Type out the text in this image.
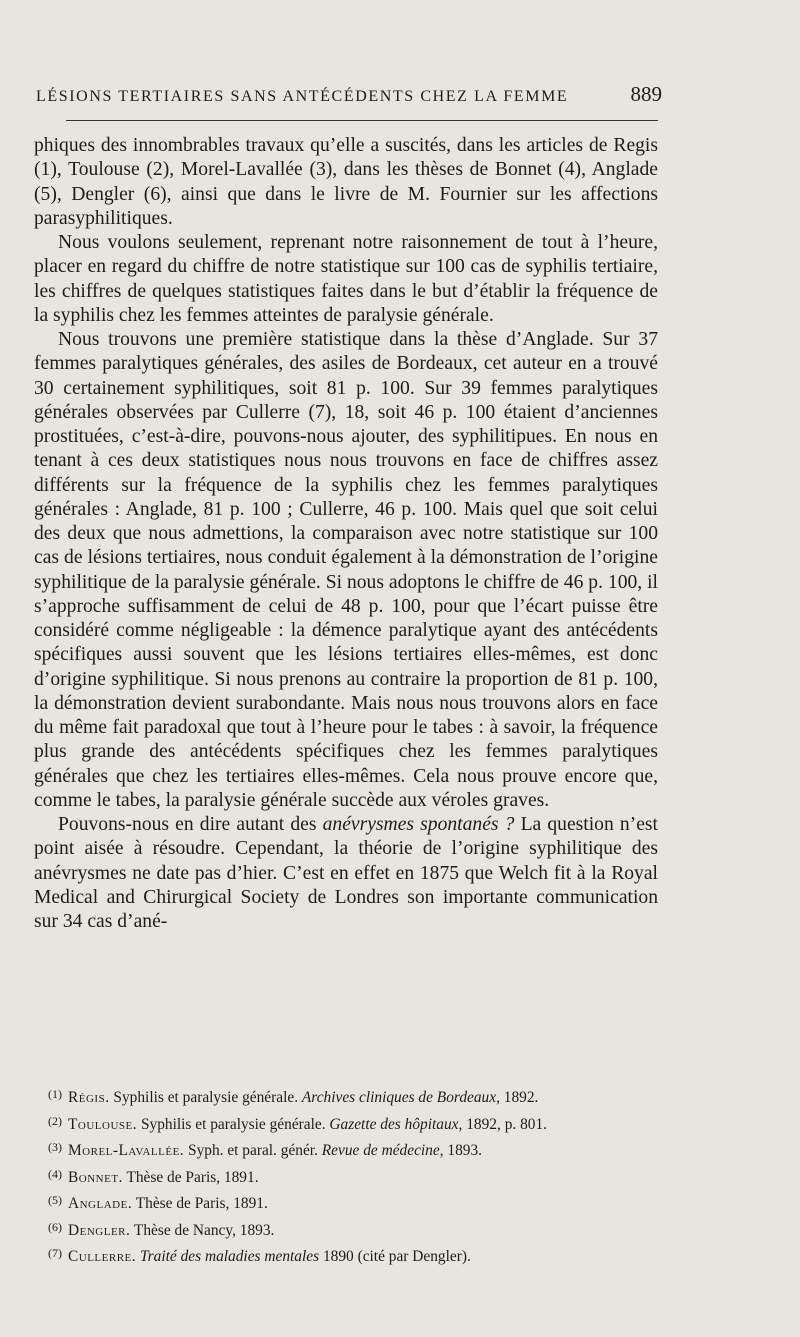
LÉSIONS TERTIAIRES SANS ANTÉCÉDENTS CHEZ LA FEMME	889

phiques des innombrables travaux qu’elle a suscités, dans les articles de Regis (1), Toulouse (2), Morel-Lavallée (3), dans les thèses de Bonnet (4), Anglade (5), Dengler (6), ainsi que dans le livre de M. Fournier sur les affections parasyphilitiques.

Nous voulons seulement, reprenant notre raisonnement de tout à l’heure, placer en regard du chiffre de notre statistique sur 100 cas de syphilis tertiaire, les chiffres de quelques statistiques faites dans le but d’établir la fréquence de la syphilis chez les femmes atteintes de paralysie générale.

Nous trouvons une première statistique dans la thèse d’Anglade. Sur 37 femmes paralytiques générales, des asiles de Bordeaux, cet auteur en a trouvé 30 certainement syphilitiques, soit 81 p. 100. Sur 39 femmes paralytiques générales observées par Cullerre (7), 18, soit 46 p. 100 étaient d’anciennes prostituées, c’est-à-dire, pouvons-nous ajouter, des syphilitipues. En nous en tenant à ces deux statistiques nous nous trouvons en face de chiffres assez différents sur la fréquence de la syphilis chez les femmes paralytiques générales : Anglade, 81 p. 100 ; Cullerre, 46 p. 100. Mais quel que soit celui des deux que nous admettions, la comparaison avec notre statistique sur 100 cas de lésions tertiaires, nous conduit également à la démonstration de l’origine syphilitique de la paralysie générale. Si nous adoptons le chiffre de 46 p. 100, il s’approche suffisamment de celui de 48 p. 100, pour que l’écart puisse être considéré comme négligeable : la démence paralytique ayant des antécédents spécifiques aussi souvent que les lésions tertiaires elles-mêmes, est donc d’origine syphilitique. Si nous prenons au contraire la proportion de 81 p. 100, la démonstration devient surabondante. Mais nous nous trouvons alors en face du même fait paradoxal que tout à l’heure pour le tabes : à savoir, la fréquence plus grande des antécédents spécifiques chez les femmes paralytiques générales que chez les tertiaires elles-mêmes. Cela nous prouve encore que, comme le tabes, la paralysie générale succède aux véroles graves.

Pouvons-nous en dire autant des anévrysmes spontanés ? La question n’est point aisée à résoudre. Cependant, la théorie de l’origine syphilitique des anévrysmes ne date pas d’hier. C’est en effet en 1875 que Welch fit à la Royal Medical and Chirurgical Society de Londres son importante communication sur 34 cas d’ané-

$^{(1)}$ Régis. Syphilis et paralysie générale. Archives cliniques de Bordeaux, 1892.
$^{(2)}$ Toulouse. Syphilis et paralysie générale. Gazette des hôpitaux, 1892, p. 801.
$^{(3)}$ Morel-Lavallée. Syph. et paral. génér. Revue de médecine, 1893.
$^{(4)}$ Bonnet. Thèse de Paris, 1891.
$^{(5)}$ Anglade. Thèse de Paris, 1891.
$^{(6)}$ Dengler. Thèse de Nancy, 1893.
$^{(7)}$ Cullerre. Traité des maladies mentales 1890 (cité par Dengler).
